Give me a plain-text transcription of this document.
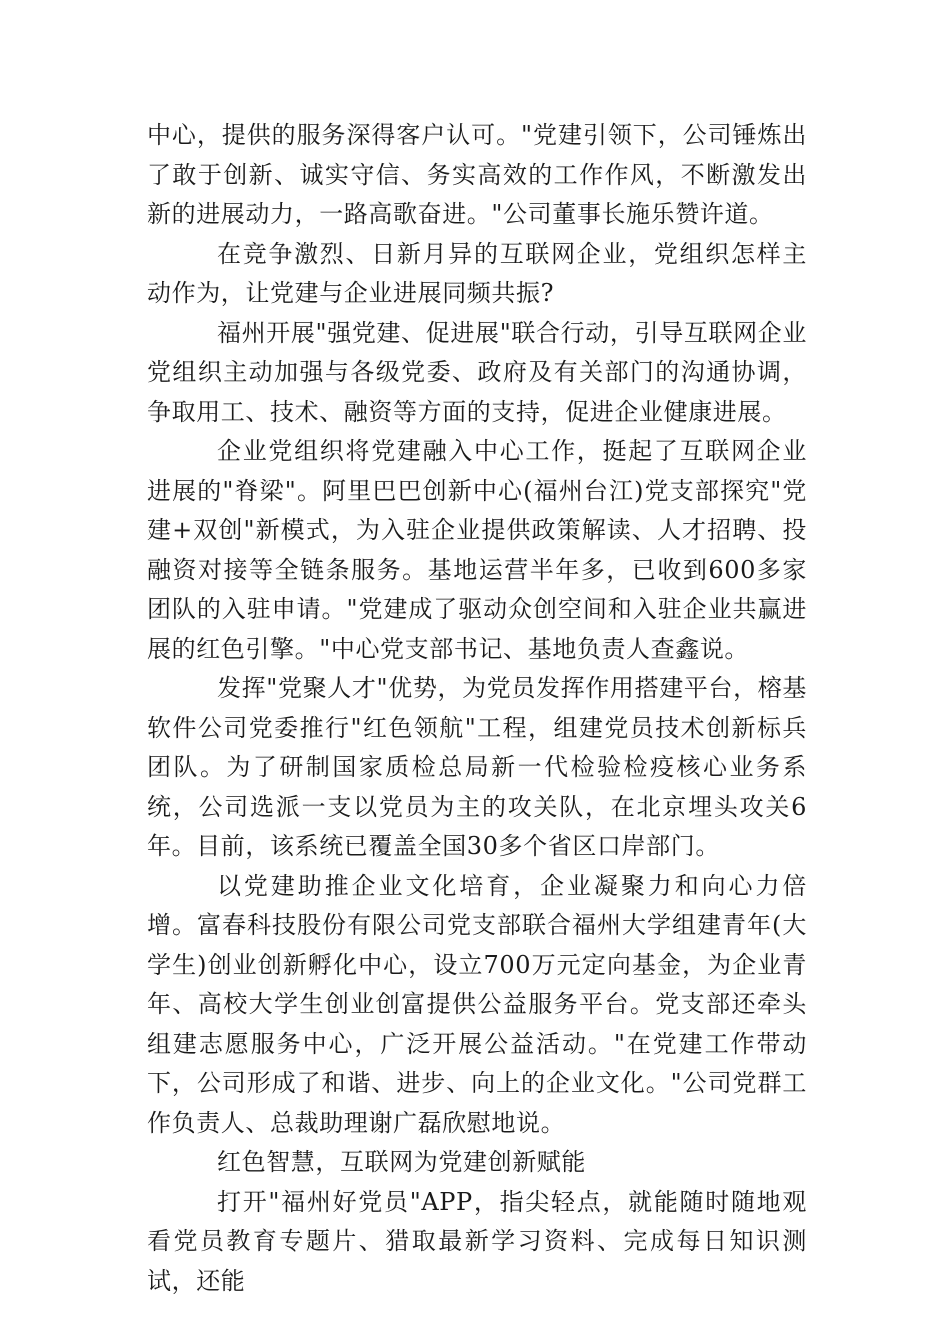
中心，提供的服务深得客户认可。"党建引领下，公司锤炼出了敢于创新、诚实守信、务实高效的工作作风，不断激发出新的进展动力，一路高歌奋进。"公司董事长施乐赞许道。

在竞争激烈、日新月异的互联网企业，党组织怎样主动作为，让党建与企业进展同频共振?

福州开展"强党建、促进展"联合行动，引导互联网企业党组织主动加强与各级党委、政府及有关部门的沟通协调，争取用工、技术、融资等方面的支持，促进企业健康进展。

企业党组织将党建融入中心工作，挺起了互联网企业进展的"脊梁"。阿里巴巴创新中心(福州台江)党支部探究"党建+双创"新模式，为入驻企业提供政策解读、人才招聘、投融资对接等全链条服务。基地运营半年多，已收到600多家团队的入驻申请。"党建成了驱动众创空间和入驻企业共赢进展的红色引擎。"中心党支部书记、基地负责人查鑫说。

发挥"党聚人才"优势，为党员发挥作用搭建平台，榕基软件公司党委推行"红色领航"工程，组建党员技术创新标兵团队。为了研制国家质检总局新一代检验检疫核心业务系统，公司选派一支以党员为主的攻关队，在北京埋头攻关6年。目前，该系统已覆盖全国30多个省区口岸部门。

以党建助推企业文化培育，企业凝聚力和向心力倍增。富春科技股份有限公司党支部联合福州大学组建青年(大学生)创业创新孵化中心，设立700万元定向基金，为企业青年、高校大学生创业创富提供公益服务平台。党支部还牵头组建志愿服务中心，广泛开展公益活动。"在党建工作带动下，公司形成了和谐、进步、向上的企业文化。"公司党群工作负责人、总裁助理谢广磊欣慰地说。

红色智慧，互联网为党建创新赋能

打开"福州好党员"APP，指尖轻点，就能随时随地观看党员教育专题片、猎取最新学习资料、完成每日知识测试，还能
